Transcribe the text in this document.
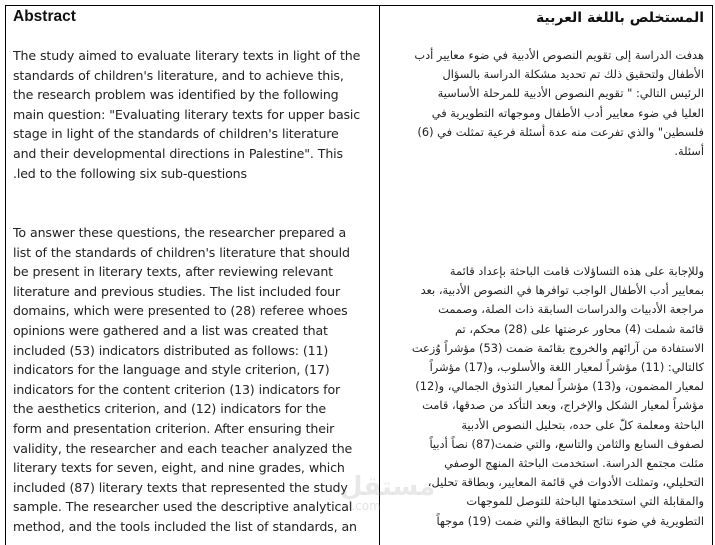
Abstract

The study aimed to evaluate literary texts in light of the
standards of children's literature, and to achieve this,
the research problem was identified by the following
main question: "Evaluating literary texts for upper basic
stage in light of the standards of children's literature
and their developmental directions in Palestine". This
.led to the following six sub-questions

To answer these questions, the researcher prepared a
list of the standards of children's literature that should
be present in literary texts, after reviewing relevant
literature and previous studies. The list included four
domains, which were presented to (28) referee whoes
opinions were gathered and a list was created that
included (53) indicators distributed as follows: (11)
indicators for the language and style criterion, (17)
indicators for the content criterion (13) indicators for
the aesthetics criterion, and (12) indicators for the
form and presentation criterion. After ensuring their
validity, the researcher and each teacher analyzed the
literary texts for seven, eight, and nine grades, which
included (87) literary texts that represented the study
sample. The researcher used the descriptive analytical
method, and the tools included the list of standards, an

المستخلص باللغة العربية

هدفت الدراسة إلى تقويم النصوص الأدبية في ضوء معايير أدب
الأطفال ولتحقيق ذلك تم تحديد مشكلة الدراسة بالسؤال
الرئيس التالي: " تقويم النصوص الأدبية للمرحلة الأساسية
العليا في ضوء معايير أدب الأطفال وموجهاته التطويرية في
فلسطين" والذي تفرعت منه عدة أسئلة فرعية تمثلت في (6)
أسئلة.

وللإجابة على هذه التساؤلات قامت الباحثة بإعداد قائمة
بمعايير أدب الأطفال الواجب توافرها في النصوص الأدبية، بعد
مراجعة الأدبيات والدراسات السابقة ذات الصلة، وصممت
قائمة شملت (4) محاور عرضتها على (28) محكم، تم
الاستفادة من آرائهم والخروج بقائمة ضمت (53) مؤشراً وُزعت
كالتالي: (11) مؤشراً لمعيار اللغة والأسلوب، و(17) مؤشراً
لمعيار المضمون، و(13) مؤشراً لمعيار التذوق الجمالي، و(12)
مؤشراً لمعيار الشكل والإخراج، وبعد التأكد من صدقها، قامت
الباحثة ومعلمة كلّ على حده، بتحليل النصوص الأدبية
لصفوف السابع والثامن والتاسع، والتي ضمت(87) نصاً أدبياً
مثلت مجتمع الدراسة. استخدمت الباحثة المنهج الوصفي
التحليلي، وتمثلت الأدوات في قائمة المعايير، وبطاقة تحليل،
والمقابلة التي استخدمتها الباحثة للتوصل للموجهات
التطويرية في ضوء نتائج البطاقة والتي ضمت (19) موجهاً

مستقل
l.com
